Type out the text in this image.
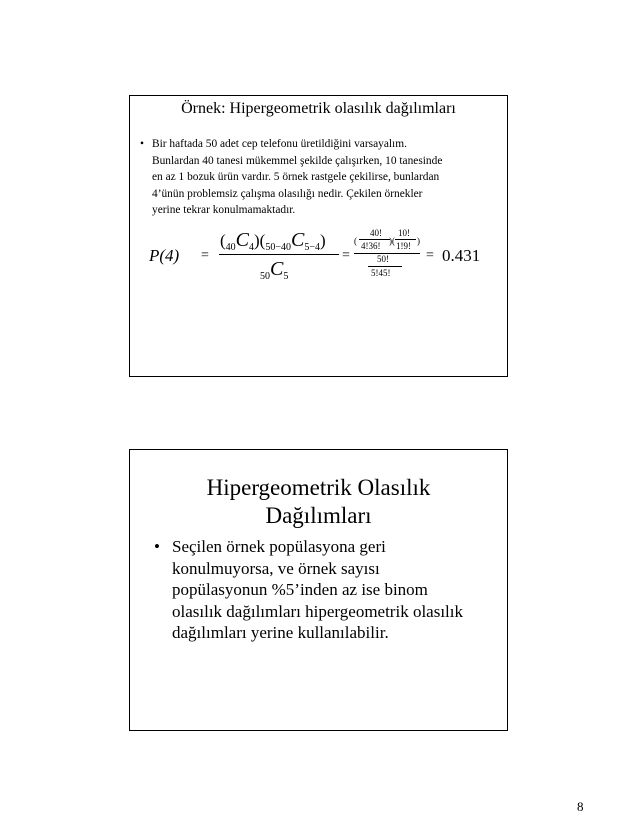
Örnek: Hipergeometrik olasılık dağılımları
• Bir haftada 50 adet cep telefonu üretildiğini varsayalım.
Bunlardan 40 tanesi mükemmel şekilde çalışırken, 10 tanesinde
en az 1 bozuk ürün vardır. 5 örnek rastgele çekilirse, bunlardan
4’ünün problemsiz çalışma olasılığı nedir. Çekilen örnekler
yerine tekrar konulmamaktadır.
P(4) =
$(_{40}C_4)(_{50-40}C_{5-4})$
$_{50}C_5$
=
(
40!
4!36! )(
10!
1!9! )
50!
5!45!
= 0.431
Hipergeometrik Olasılık
Dağılımları
• Seçilen örnek popülasyona geri
konulmuyorsa, ve örnek sayısı
popülasyonun %5’inden az ise binom
olasılık dağılımları hipergeometrik olasılık
dağılımları yerine kullanılabilir.
8
